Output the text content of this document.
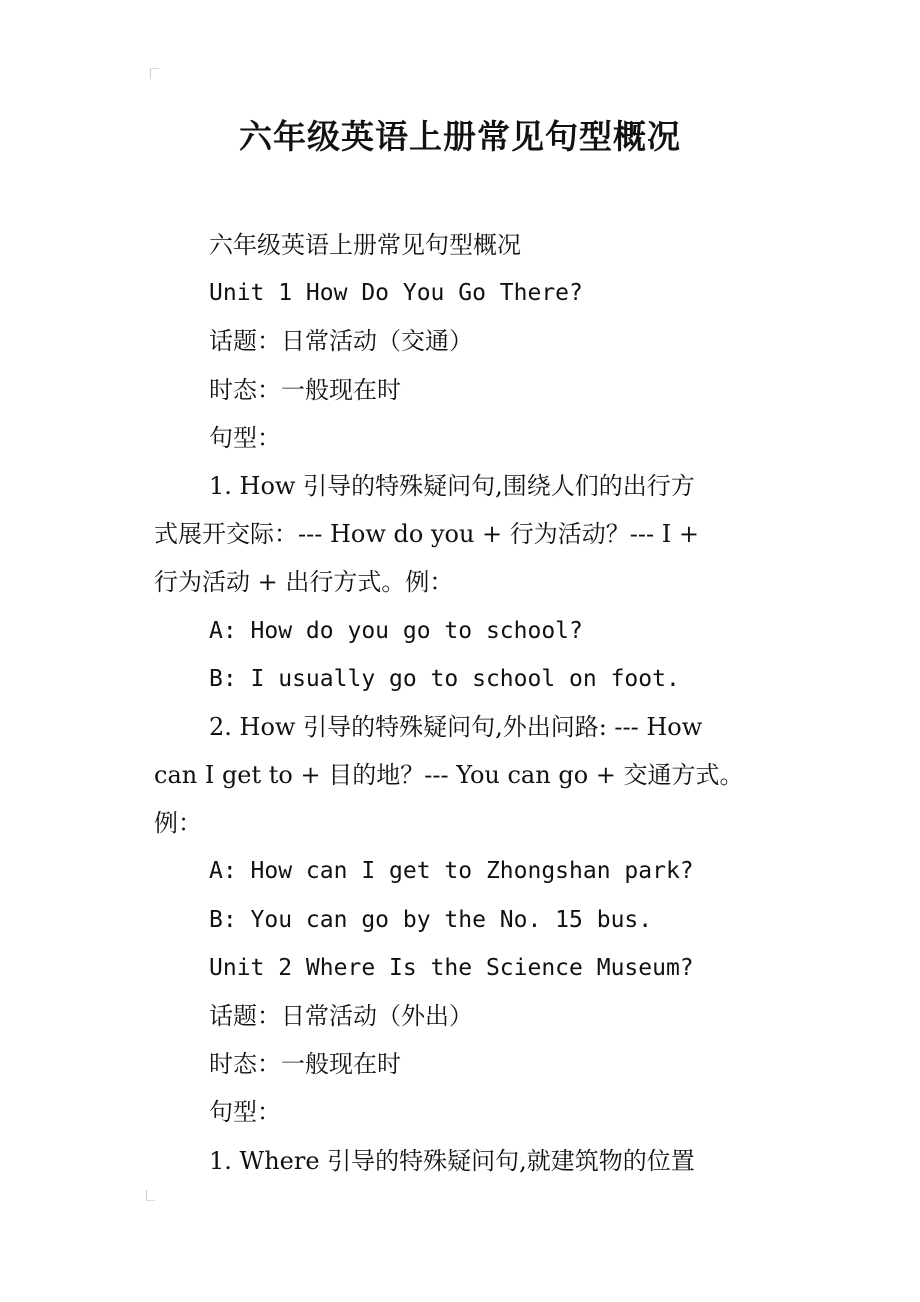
六年级英语上册常见句型概况
六年级英语上册常见句型概况
Unit 1 How Do You Go There?
话题：日常活动（交通）
时态：一般现在时
句型：
1. How 引导的特殊疑问句,围绕人们的出行方
式展开交际：--- How do you + 行为活动？--- I +
行为活动 + 出行方式。例：
A: How do you go to school?
B: I usually go to school on foot.
2. How 引导的特殊疑问句,外出问路: --- How
can I get to + 目的地？--- You can go + 交通方式。
例：
A: How can I get to Zhongshan park?
B: You can go by the No. 15 bus.
Unit 2 Where Is the Science Museum?
话题：日常活动（外出）
时态：一般现在时
句型：
1. Where 引导的特殊疑问句,就建筑物的位置
